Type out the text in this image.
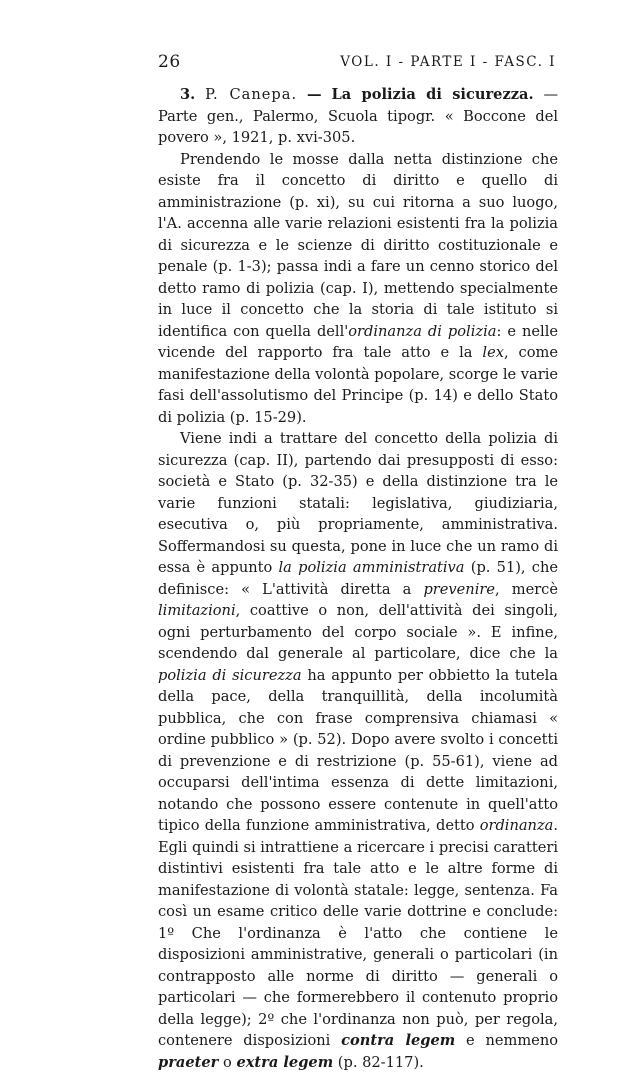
26	VOL. I - PARTE I - FASC. I

3. P. Canepa. — La polizia di sicurezza. — Parte gen., Palermo, Scuola tipogr. « Boccone del povero », 1921, p. xvi-305.

Prendendo le mosse dalla netta distinzione che esiste fra il concetto di diritto e quello di amministrazione (p. xi), su cui ritorna a suo luogo, l'A. accenna alle varie relazioni esistenti fra la polizia di sicurezza e le scienze di diritto costituzionale e penale (p. 1-3); passa indi a fare un cenno storico del detto ramo di polizia (cap. I), mettendo specialmente in luce il concetto che la storia di tale istituto si identifica con quella dell'ordinanza di polizia: e nelle vicende del rapporto fra tale atto e la lex, come manifestazione della volontà popolare, scorge le varie fasi dell'assolutismo del Principe (p. 14) e dello Stato di polizia (p. 15-29).

Viene indi a trattare del concetto della polizia di sicurezza (cap. II), partendo dai presupposti di esso: società e Stato (p. 32-35) e della distinzione tra le varie funzioni statali: legislativa, giudiziaria, esecutiva o, più propriamente, amministrativa. Soffermandosi su questa, pone in luce che un ramo di essa è appunto la polizia amministrativa (p. 51), che definisce: « L'attività diretta a prevenire, mercè limitazioni, coattive o non, dell'attività dei singoli, ogni perturbamento del corpo sociale ». E infine, scendendo dal generale al particolare, dice che la polizia di sicurezza ha appunto per obbietto la tutela della pace, della tranquillità, della incolumità pubblica, che con frase comprensiva chiamasi « ordine pubblico » (p. 52). Dopo avere svolto i concetti di prevenzione e di restrizione (p. 55-61), viene ad occuparsi dell'intima essenza di dette limitazioni, notando che possono essere contenute in quell'atto tipico della funzione amministrativa, detto ordinanza. Egli quindi si intrattiene a ricercare i precisi caratteri distintivi esistenti fra tale atto e le altre forme di manifestazione di volontà statale: legge, sentenza. Fa così un esame critico delle varie dottrine e conclude: 1º Che l'ordinanza è l'atto che contiene le disposizioni amministrative, generali o particolari (in contrapposto alle norme di diritto — generali o particolari — che formerebbero il contenuto proprio della legge); 2º che l'ordinanza non può, per regola, contenere disposizioni contra legem e nemmeno praeter o extra legem (p. 82-117).
